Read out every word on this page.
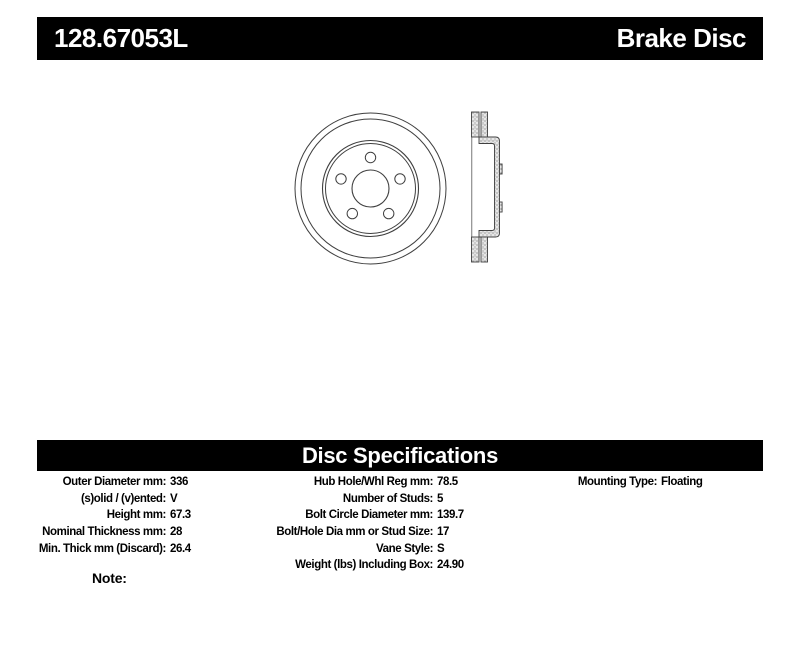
128.67053L	Brake Disc
Disc Specifications
Outer Diameter mm: 336
(s)olid / (v)ented: V
Height mm: 67.3
Nominal Thickness mm: 28
Min. Thick mm (Discard): 26.4
Hub Hole/Whl Reg mm: 78.5
Number of Studs: 5
Bolt Circle Diameter mm: 139.7
Bolt/Hole Dia mm or Stud Size: 17
Vane Style: S
Weight (lbs) Including Box: 24.90
Mounting Type: Floating
Note:
